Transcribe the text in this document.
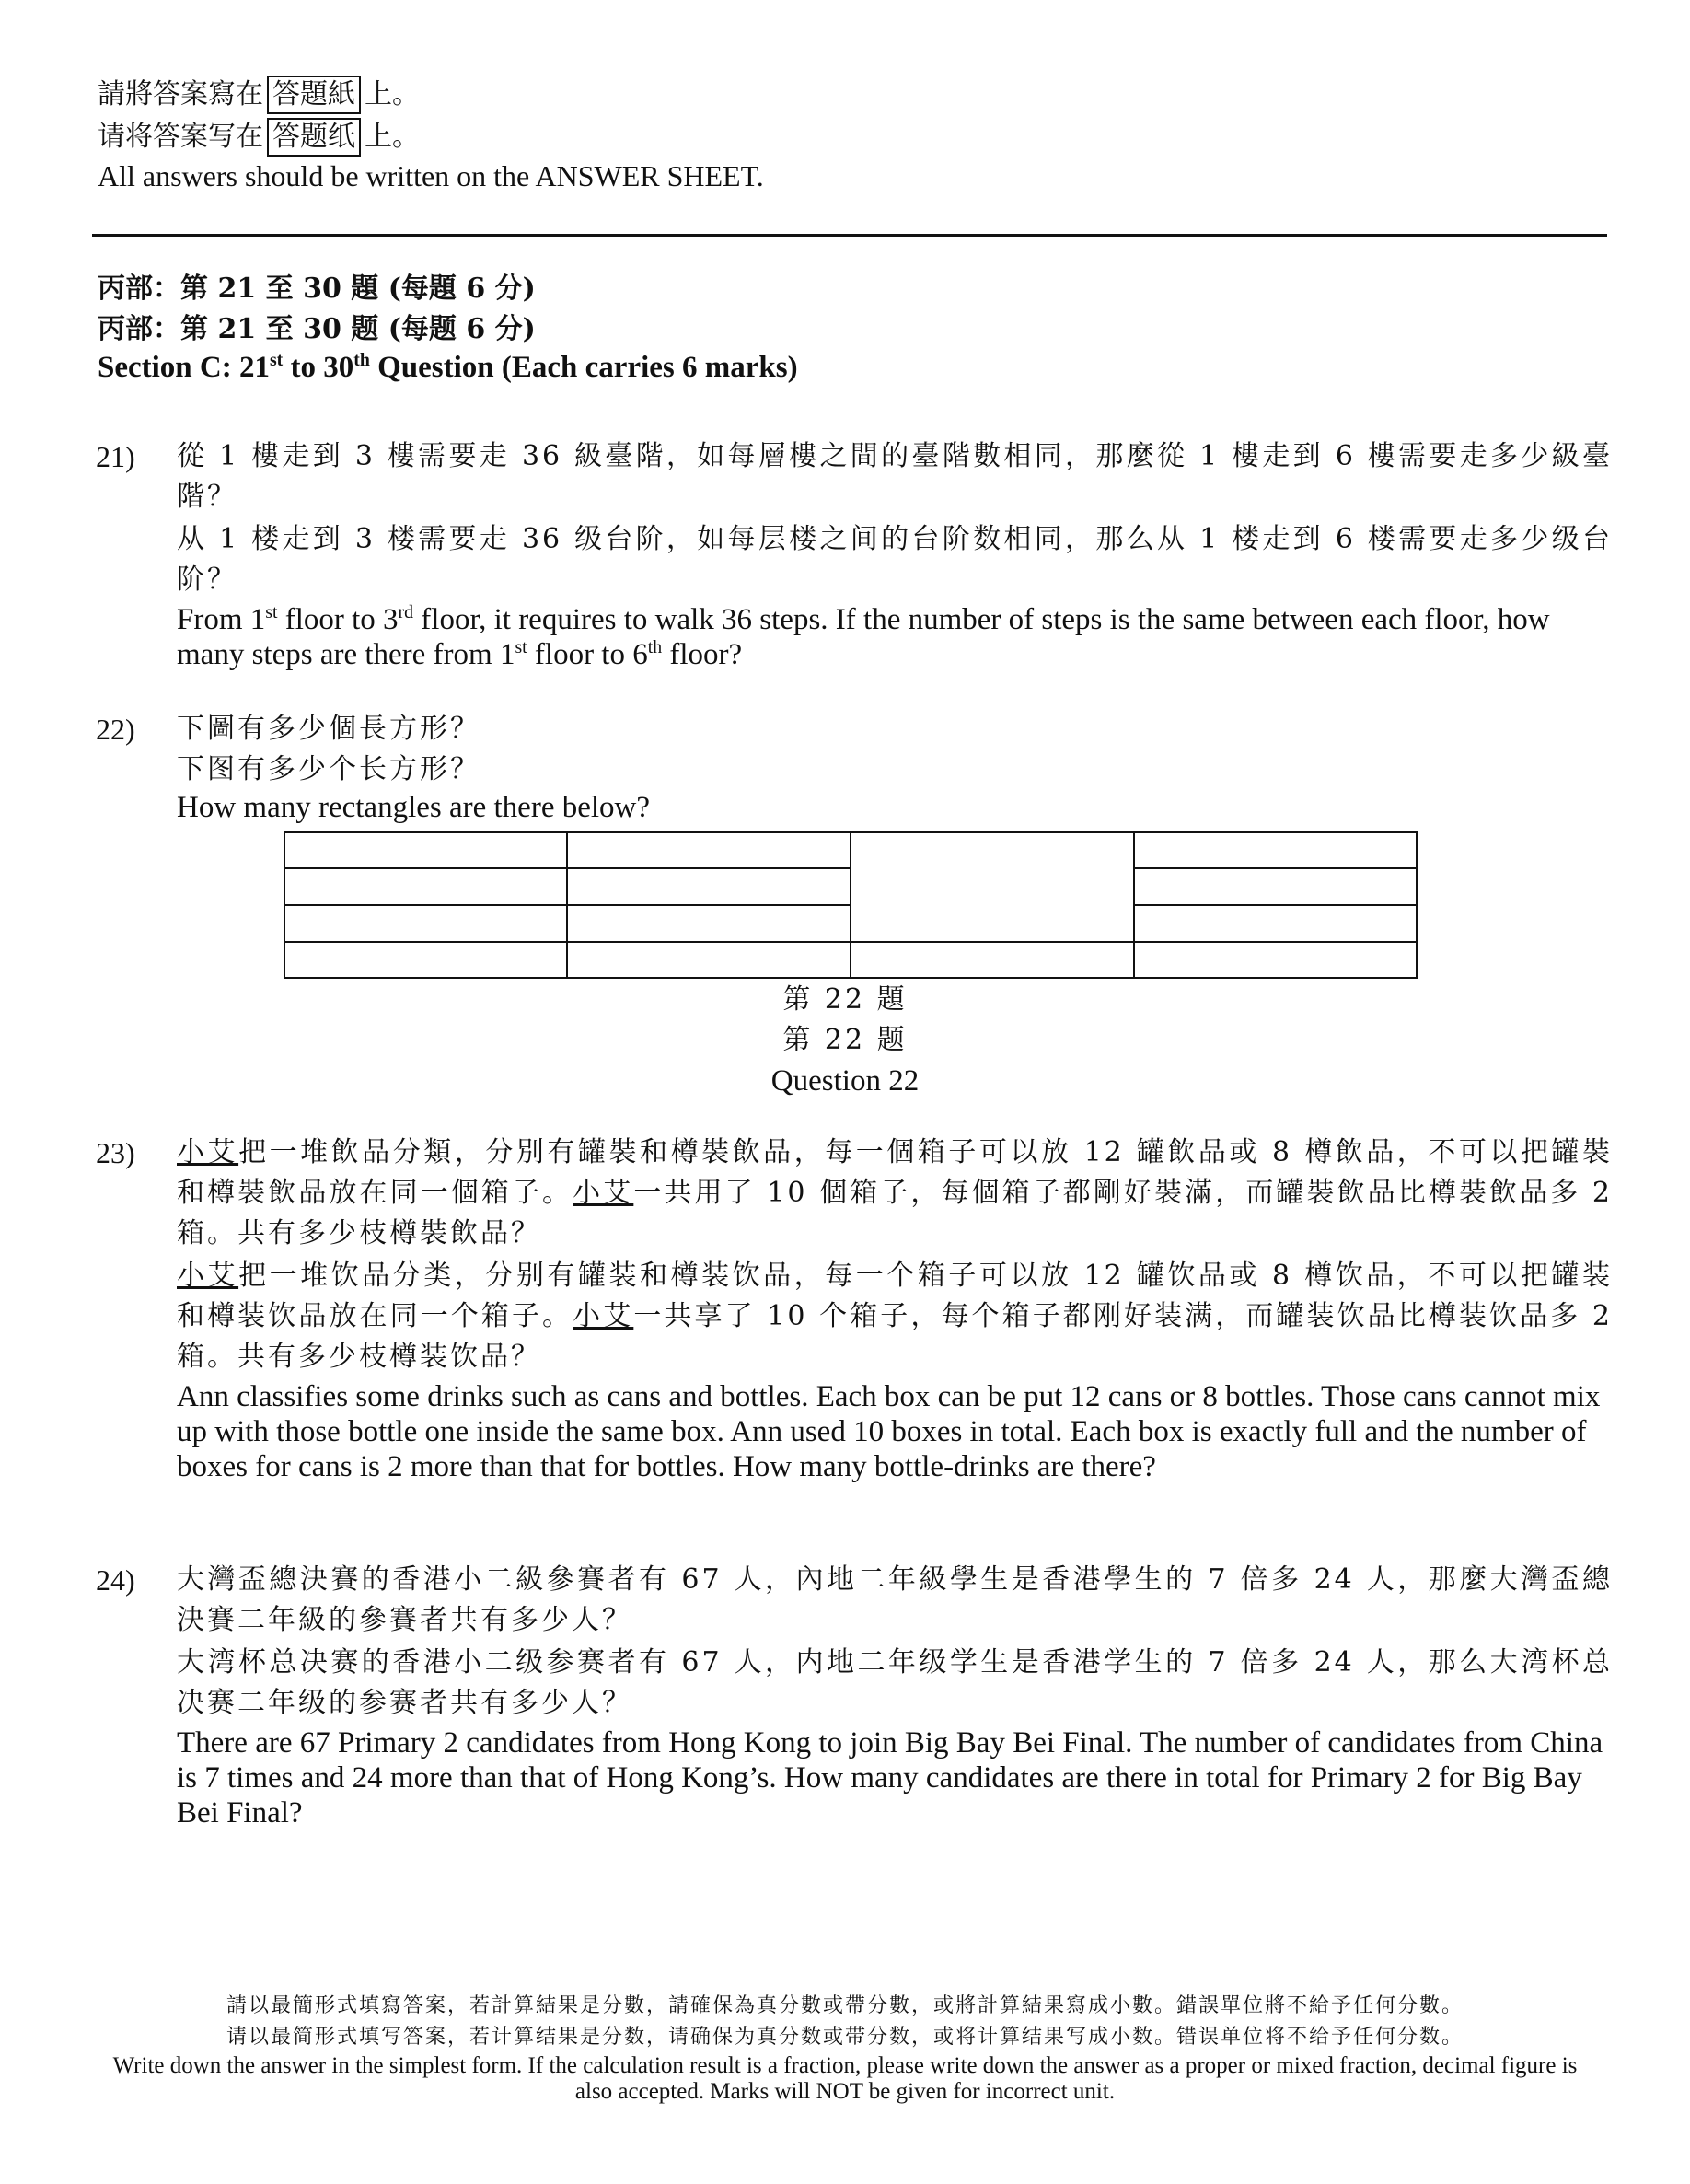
請將答案寫在 答題紙 上。
请将答案写在 答题纸 上。
All answers should be written on the ANSWER SHEET.
丙部：第 21 至 30 題 (每題 6 分)
丙部：第 21 至 30 题 (每题 6 分)
Section C: 21st to 30th Question (Each carries 6 marks)
21) 從 1 樓走到 3 樓需要走 36 級臺階，如每層樓之間的臺階數相同，那麼從 1 樓走到 6 樓需要走多少級臺階？
从 1 楼走到 3 楼需要走 36 级台阶，如每层楼之间的台阶数相同，那么从 1 楼走到 6 楼需要走多少级台阶？
From 1st floor to 3rd floor, it requires to walk 36 steps. If the number of steps is the same between each floor, how many steps are there from 1st floor to 6th floor?
22) 下圖有多少個長方形？
下图有多少个长方形？
How many rectangles are there below?
第 22 題
第 22 题
Question 22
23) 小艾把一堆飲品分類，分別有罐裝和樽裝飲品，每一個箱子可以放 12 罐飲品或 8 樽飲品，不可以把罐裝和樽裝飲品放在同一個箱子。小艾一共用了 10 個箱子，每個箱子都剛好裝滿，而罐裝飲品比樽裝飲品多 2 箱。共有多少枝樽裝飲品？
小艾把一堆饮品分类，分别有罐装和樽装饮品，每一个箱子可以放 12 罐饮品或 8 樽饮品，不可以把罐装和樽装饮品放在同一个箱子。小艾一共享了 10 个箱子，每个箱子都刚好装满，而罐装饮品比樽装饮品多 2 箱。共有多少枝樽装饮品？
Ann classifies some drinks such as cans and bottles. Each box can be put 12 cans or 8 bottles. Those cans cannot mix up with those bottle one inside the same box. Ann used 10 boxes in total. Each box is exactly full and the number of boxes for cans is 2 more than that for bottles. How many bottle-drinks are there?
24) 大灣盃總決賽的香港小二級參賽者有 67 人，內地二年級學生是香港學生的 7 倍多 24 人，那麼大灣盃總決賽二年級的參賽者共有多少人？
大湾杯总决赛的香港小二级参赛者有 67 人，内地二年级学生是香港学生的 7 倍多 24 人，那么大湾杯总决赛二年级的参赛者共有多少人？
There are 67 Primary 2 candidates from Hong Kong to join Big Bay Bei Final. The number of candidates from China is 7 times and 24 more than that of Hong Kong’s. How many candidates are there in total for Primary 2 for Big Bay Bei Final?
請以最簡形式填寫答案，若計算結果是分數，請確保為真分數或帶分數，或將計算結果寫成小數。錯誤單位將不給予任何分數。
请以最简形式填写答案，若计算结果是分数，请确保为真分数或带分数，或将计算结果写成小数。错误单位将不给予任何分数。
Write down the answer in the simplest form. If the calculation result is a fraction, please write down the answer as a proper or mixed fraction, decimal figure is also accepted. Marks will NOT be given for incorrect unit.
